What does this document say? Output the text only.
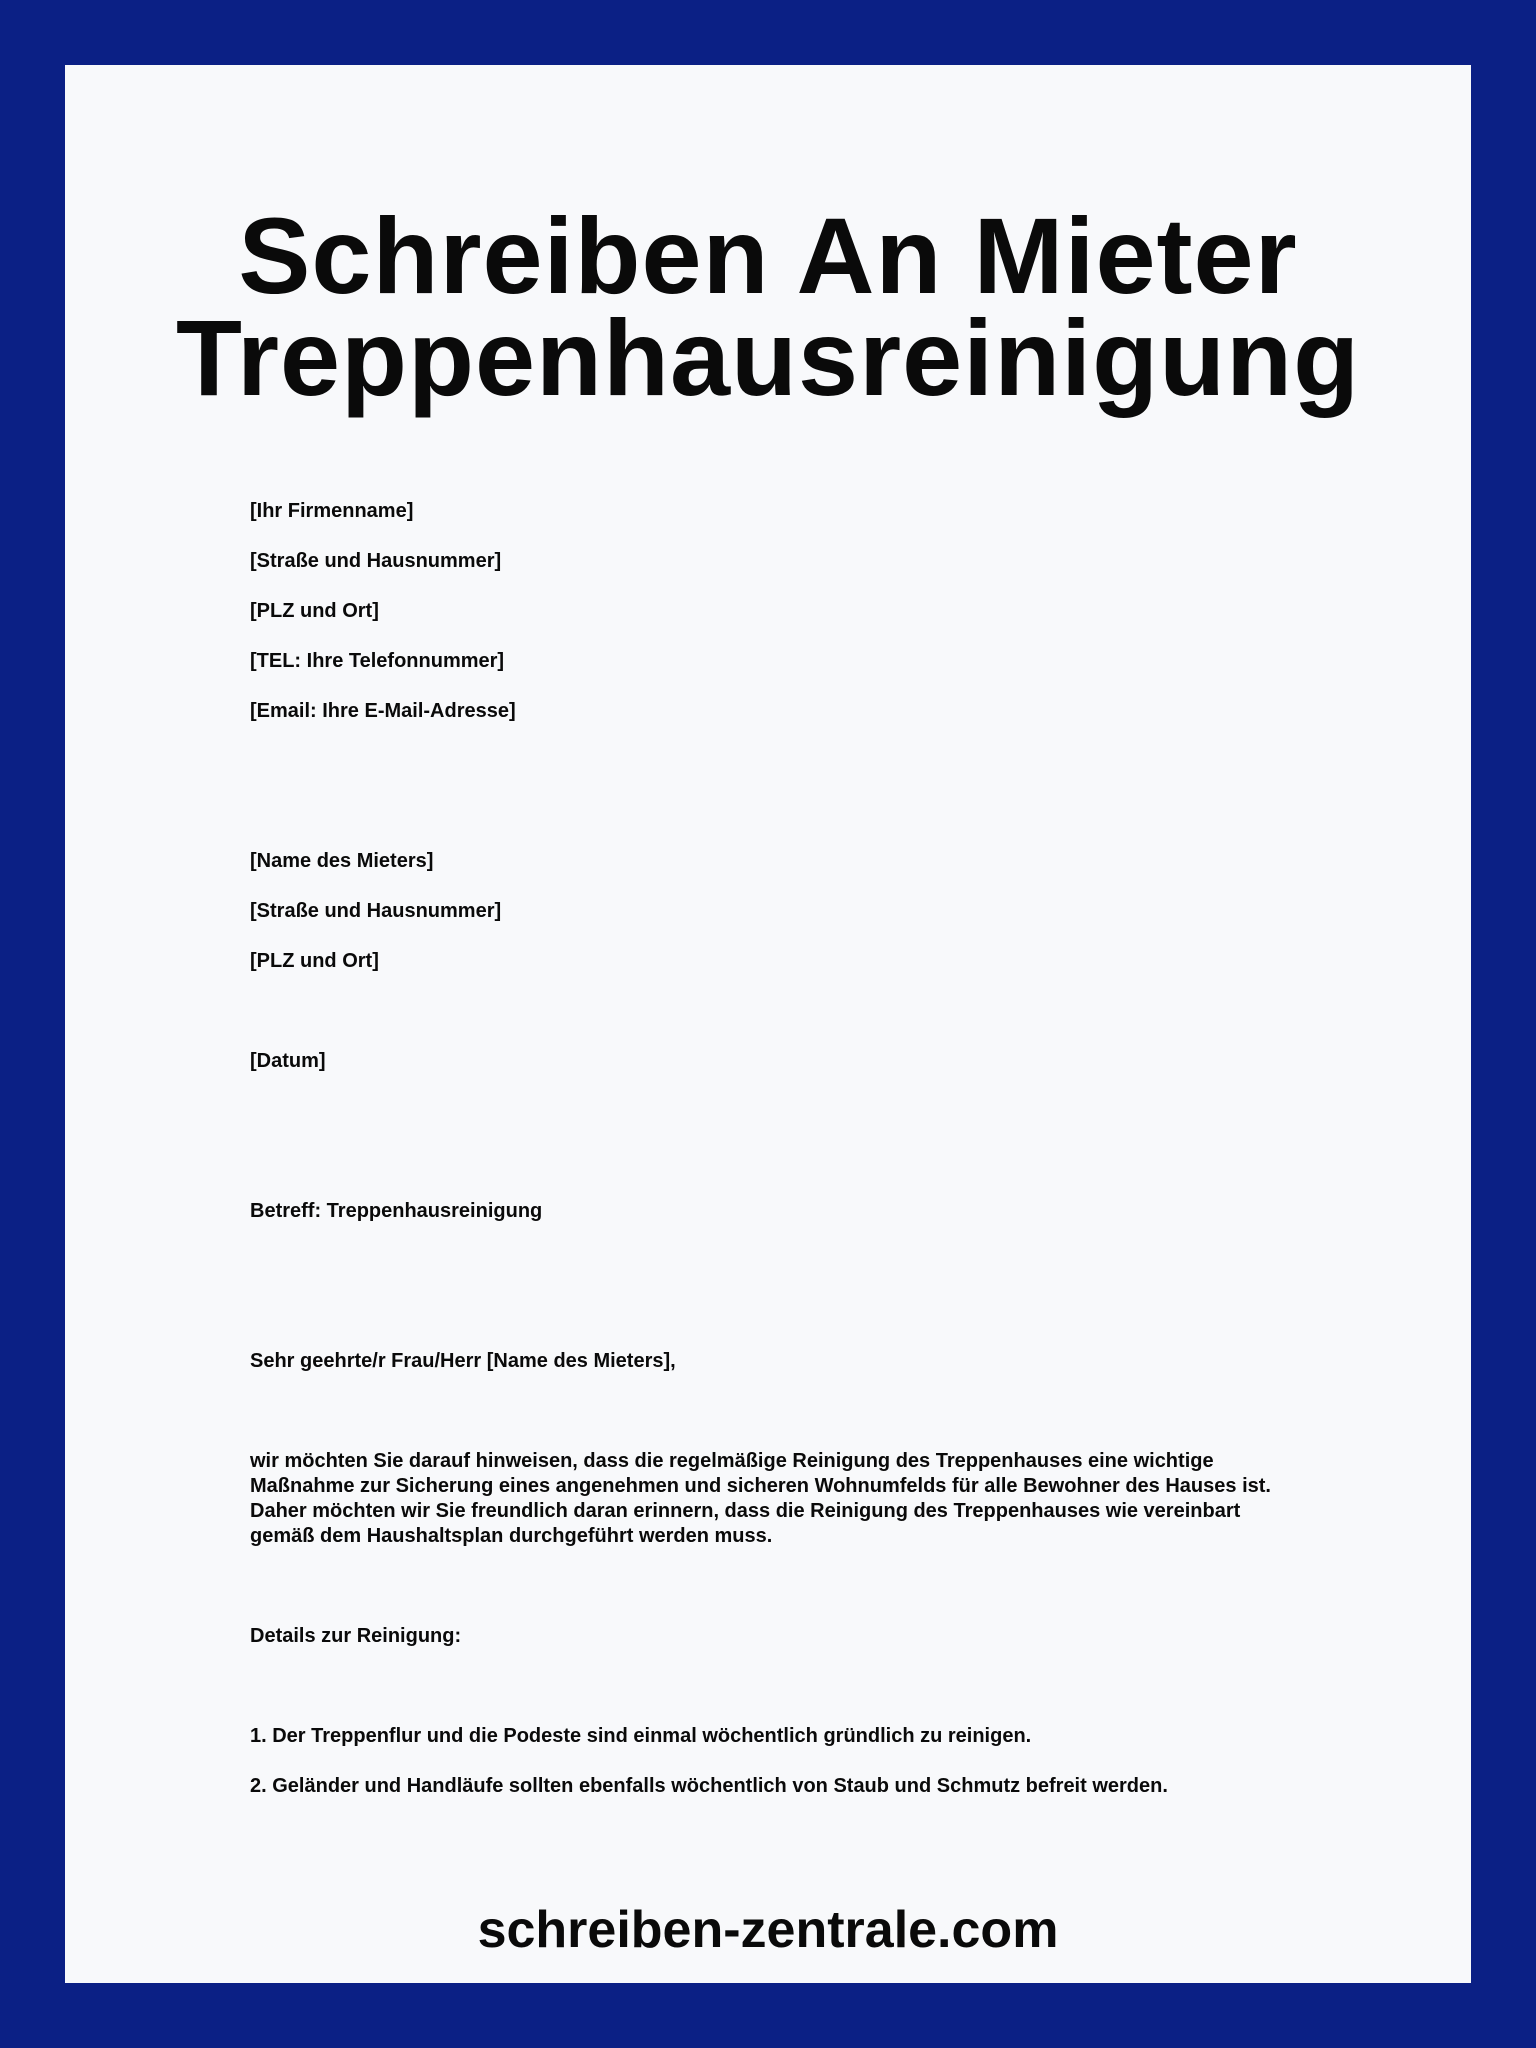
Schreiben An Mieter
Treppenhausreinigung

[Ihr Firmenname]

[Straße und Hausnummer]

[PLZ und Ort]

[TEL: Ihre Telefonnummer]

[Email: Ihre E-Mail-Adresse]

[Name des Mieters]

[Straße und Hausnummer]

[PLZ und Ort]

[Datum]

Betreff: Treppenhausreinigung

Sehr geehrte/r Frau/Herr [Name des Mieters],

wir möchten Sie darauf hinweisen, dass die regelmäßige Reinigung des Treppenhauses eine wichtige Maßnahme zur Sicherung eines angenehmen und sicheren Wohnumfelds für alle Bewohner des Hauses ist. Daher möchten wir Sie freundlich daran erinnern, dass die Reinigung des Treppenhauses wie vereinbart gemäß dem Haushaltsplan durchgeführt werden muss.

Details zur Reinigung:

1. Der Treppenflur und die Podeste sind einmal wöchentlich gründlich zu reinigen.

2. Geländer und Handläufe sollten ebenfalls wöchentlich von Staub und Schmutz befreit werden.

schreiben-zentrale.com
